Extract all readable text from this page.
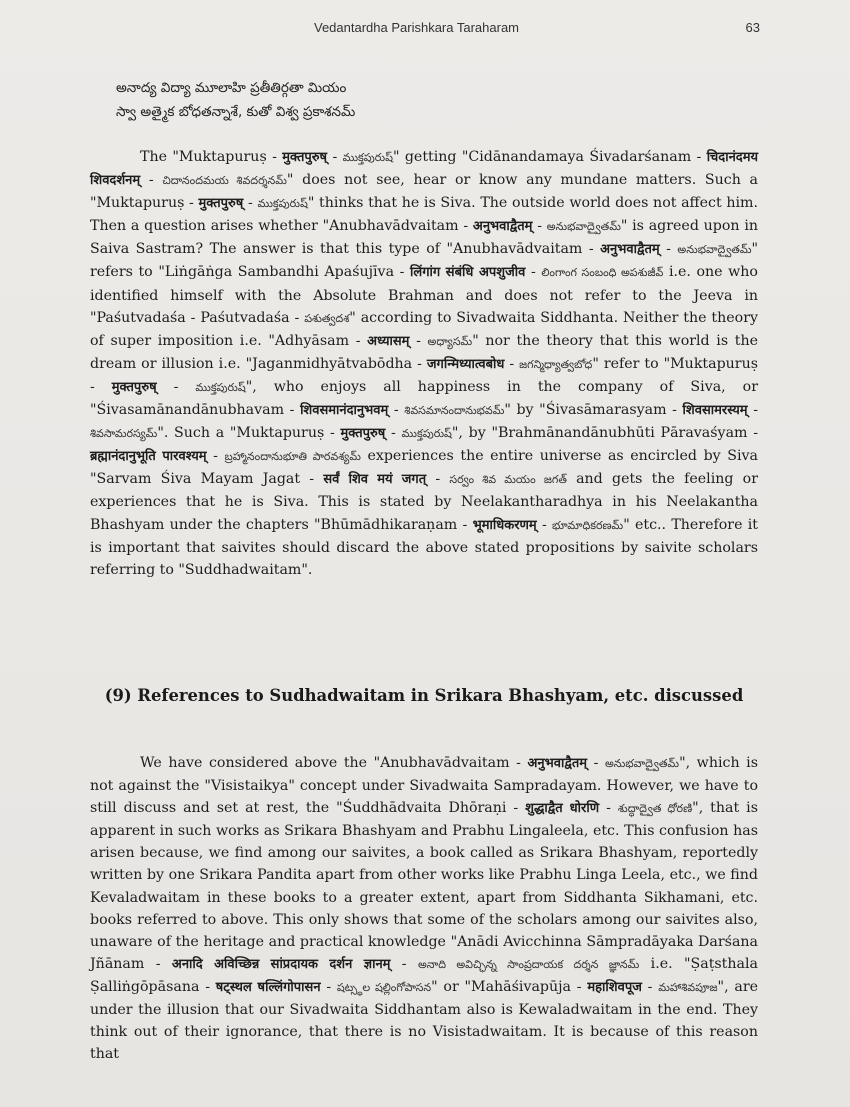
Vedantardha Parishkara Taraharam	63
అనాద్య విద్యా మూలాహి ప్రతీతిర్గతా మియం
స్వా అత్మైక బోధతన్నాశే, కుతో విశ్వ ప్రకాశనమ్

The "Muktapuruṣ - मुक्तपुरुष् - ముక్తపురుష్" getting "Cidānandamaya Śivadarśanam - चिदानंदमय शिवदर्शनम् - చిదానందమయ శివదర్శనమ్" does not see, hear or know any mundane matters. Such a "Muktapuruṣ - मुक्तपुरुष् - ముక్తపురుష్" thinks that he is Siva. The outside world does not affect him. Then a question arises whether "Anubhavādvaitam - अनुभवाद्वैतम् - అనుభవాద్వైతమ్" is agreed upon in Saiva Sastram? The answer is that this type of "Anubhavādvaitam - अनुभवाद्वैतम् - అనుభవాద్వైతమ్" refers to "Liṅgāṅga Sambandhi Apaśujīva - लिंगांग संबंधि अपशुजीव - లింగాంగ సంబంధి అపశుజీవ్ i.e. one who identified himself with the Absolute Brahman and does not refer to the Jeeva in "Paśutvadaśa - Paśutvadaśa - పశుత్వదశ" according to Sivadwaita Siddhanta. Neither the theory of super imposition i.e. "Adhyāsam - अध्यासम् - అధ్యాసమ్" nor the theory that this world is the dream or illusion i.e. "Jaganmidhyātvabōdha - जगन्मिध्यात्वबोध - జగన్మిధ్యాత్వబోధ" refer to "Muktapuruṣ - मुक्तपुरुष् - ముక్తపురుష్", who enjoys all happiness in the company of Siva, or "Śivasamānandānubhavam - शिवसमानंदानुभवम् - శివసమానందానుభవమ్" by "Śivasāmarasyam - शिवसामरस्यम् - శివసామరస్యమ్". Such a "Muktapuruṣ - मुक्तपुरुष् - ముక్తపురుష్", by "Brahmānandānubhūti Pāravaśyam - ब्रह्मानंदानुभूति पारवश्यम् - బ్రహ్మానందానుభూతి పారవశ్యమ్ experiences the entire universe as encircled by Siva "Sarvam Śiva Mayam Jagat - सर्वं शिव मयं जगत् - సర్వం శివ మయం జగత్ and gets the feeling or experiences that he is Siva. This is stated by Neelakantharadhya in his Neelakantha Bhashyam under the chapters "Bhūmādhikaraṇam - भूमाधिकरणम् - భూమాధికరణమ్" etc.. Therefore it is important that saivites should discard the above stated propositions by saivite scholars referring to "Suddhadwaitam".

(9) References to Sudhadwaitam in Srikara Bhashyam, etc. discussed

We have considered above the "Anubhavādvaitam - अनुभवाद्वैतम् - అనుభవాద్వైతమ్", which is not against the "Visistaikya" concept under Sivadwaita Sampradayam. However, we have to still discuss and set at rest, the "Śuddhādvaita Dhōraṇi - शुद्धाद्वैत धोरणि - శుద్ధాద్వైత ధోరణి", that is apparent in such works as Srikara Bhashyam and Prabhu Lingaleela, etc. This confusion has arisen because, we find among our saivites, a book called as Srikara Bhashyam, reportedly written by one Srikara Pandita apart from other works like Prabhu Linga Leela, etc., we find Kevaladwaitam in these books to a greater extent, apart from Siddhanta Sikhamani, etc. books referred to above. This only shows that some of the scholars among our saivites also, unaware of the heritage and practical knowledge "Anādi Avicchinna Sāmpradāyaka Darśana Jñānam - अनादि अविच्छिन्न सांप्रदायक दर्शन ज्ञानम् - అనాది అవిచ్ఛిన్న సాంప్రదాయక దర్శన జ్ఞానమ్ i.e. "Ṣaṭsthala Ṣalliṅgōpāsana - षट्स्थल षल्लिंगोपासन - షట్స్థల షల్లింగోపాసన" or "Mahāśivapūja - महाशिवपूज - మహాశివపూజ", are under the illusion that our Sivadwaita Siddhantam also is Kewaladwaitam in the end. They think out of their ignorance, that there is no Visistadwaitam. It is because of this reason that
